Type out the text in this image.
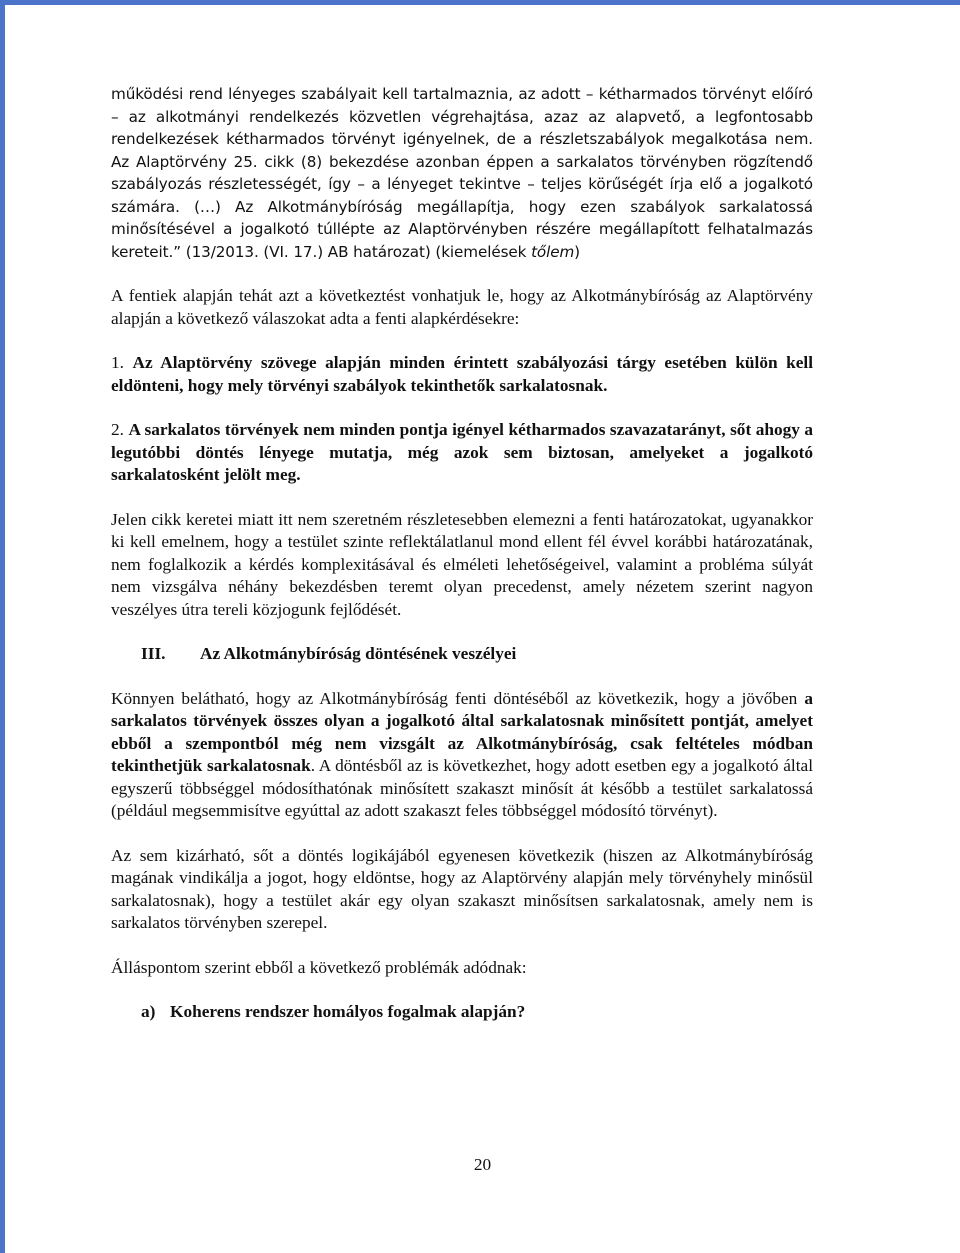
működési rend lényeges szabályait kell tartalmaznia, az adott – kétharmados törvényt előíró – az alkotmányi rendelkezés közvetlen végrehajtása, azaz az alapvető, a legfontosabb rendelkezések kétharmados törvényt igényelnek, de a részletszabályok megalkotása nem. Az Alaptörvény 25. cikk (8) bekezdése azonban éppen a sarkalatos törvényben rögzítendő szabályozás részletességét, így – a lényeget tekintve – teljes körűségét írja elő a jogalkotó számára. (…) Az Alkotmánybíróság megállapítja, hogy ezen szabályok sarkalatossá minősítésével a jogalkotó túllépte az Alaptörvényben részére megállapított felhatalmazás kereteit.” (13/2013. (VI. 17.) AB határozat) (kiemelések tőlem)

A fentiek alapján tehát azt a következtést vonhatjuk le, hogy az Alkotmánybíróság az Alaptörvény alapján a következő válaszokat adta a fenti alapkérdésekre:

1. Az Alaptörvény szövege alapján minden érintett szabályozási tárgy esetében külön kell eldönteni, hogy mely törvényi szabályok tekinthetők sarkalatosnak.

2. A sarkalatos törvények nem minden pontja igényel kétharmados szavazatarányt, sőt ahogy a legutóbbi döntés lényege mutatja, még azok sem biztosan, amelyeket a jogalkotó sarkalatosként jelölt meg.

Jelen cikk keretei miatt itt nem szeretném részletesebben elemezni a fenti határozatokat, ugyanakkor ki kell emelnem, hogy a testület szinte reflektálatlanul mond ellent fél évvel korábbi határozatának, nem foglalkozik a kérdés komplexitásával és elméleti lehetőségeivel, valamint a probléma súlyát nem vizsgálva néhány bekezdésben teremt olyan precedenst, amely nézetem szerint nagyon veszélyes útra tereli közjogunk fejlődését.

III.	Az Alkotmánybíróság döntésének veszélyei

Könnyen belátható, hogy az Alkotmánybíróság fenti döntéséből az következik, hogy a jövőben a sarkalatos törvények összes olyan a jogalkotó által sarkalatosnak minősített pontját, amelyet ebből a szempontból még nem vizsgált az Alkotmánybíróság, csak feltételes módban tekinthetjük sarkalatosnak. A döntésből az is következhet, hogy adott esetben egy a jogalkotó által egyszerű többséggel módosíthatónak minősített szakaszt minősít át később a testület sarkalatossá (például megsemmisítve egyúttal az adott szakaszt feles többséggel módosító törvényt).

Az sem kizárható, sőt a döntés logikájából egyenesen következik (hiszen az Alkotmánybíróság magának vindikálja a jogot, hogy eldöntse, hogy az Alaptörvény alapján mely törvényhely minősül sarkalatosnak), hogy a testület akár egy olyan szakaszt minősítsen sarkalatosnak, amely nem is sarkalatos törvényben szerepel.

Álláspontom szerint ebből a következő problémák adódnak:

a) Koherens rendszer homályos fogalmak alapján?
20
